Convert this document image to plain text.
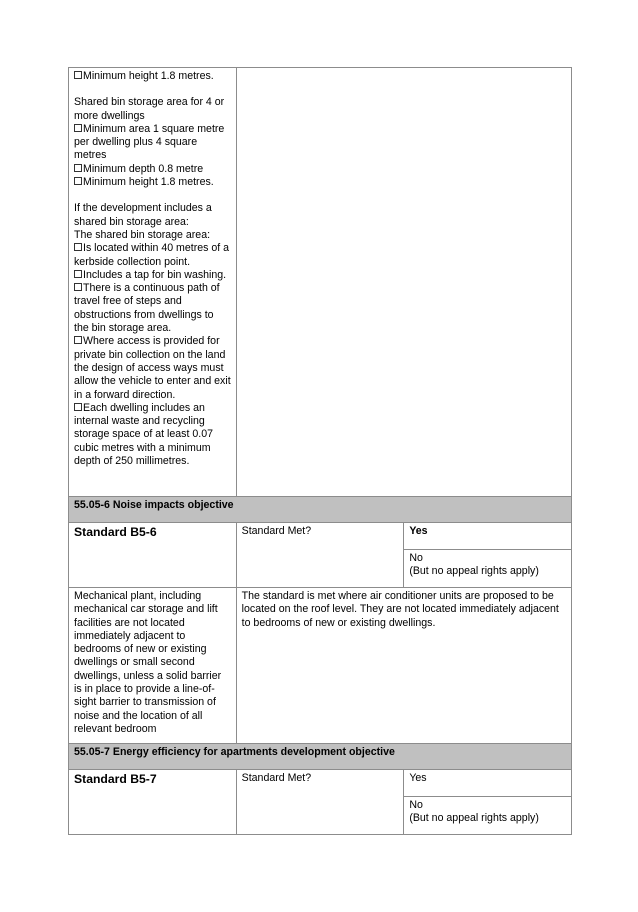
Minimum height 1.8 metres.

Shared bin storage area for 4 or more dwellings

Minimum area 1 square metre per dwelling plus 4 square metres

Minimum depth 0.8 metre

Minimum height 1.8 metres.

If the development includes a shared bin storage area:

The shared bin storage area:

Is located within 40 metres of a kerbside collection point.

Includes a tap for bin washing.

There is a continuous path of travel free of steps and obstructions from dwellings to the bin storage area.

Where access is provided for private bin collection on the land the design of access ways must allow the vehicle to enter and exit in a forward direction.

Each dwelling includes an internal waste and recycling storage space of at least 0.07 cubic metres with a minimum depth of 250 millimetres.

55.05-6 Noise impacts objective		
Standard B5-6	Standard Met?	Yes

		No

(But no appeal rights apply)

Mechanical plant, including mechanical car storage and lift facilities are not located immediately adjacent to bedrooms of new or existing dwellings or small second dwellings, unless a solid barrier is in place to provide a line-of-sight barrier to transmission of noise and the location of all relevant bedroom	The standard is met where air conditioner units are proposed to be located on the roof level. They are not located immediately adjacent to bedrooms of new or existing dwellings.	
55.05-7 Energy efficiency for apartments development objective		
Standard B5-7	Standard Met?	Yes

		No

(But no appeal rights apply)
